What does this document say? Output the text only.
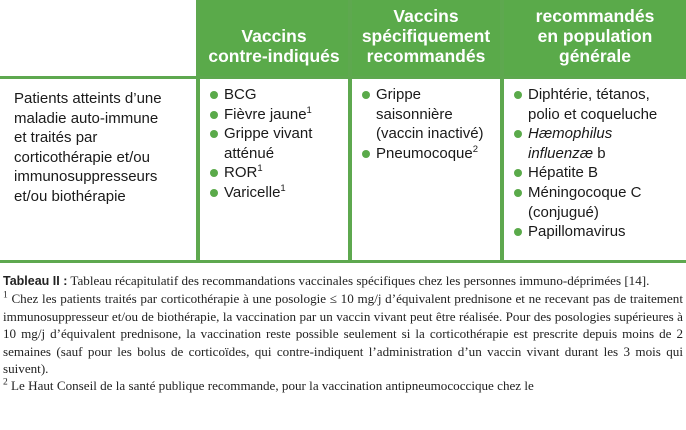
Vaccins
contre-indiqués
Vaccins
spécifiquement
recommandés
recommandés
en population
générale
Patients atteints d’une
maladie auto-immune
et traités par
corticothérapie et/ou
immunosuppresseurs
et/ou biothérapie
BCG
Fièvre jaune$^1$
Grippe vivant
atténué
ROR$^1$
Varicelle$^1$
Grippe
saisonnière
(vaccin inactivé)
Pneumocoque$^2$
Diphtérie, tétanos,
polio et coqueluche
Hæmophilus
influenzæ b
Hépatite B
Méningocoque C
(conjugué)
Papillomavirus

Tableau II : Tableau récapitulatif des recommandations vaccinales spécifiques chez les personnes immuno-déprimées [14].

$^1$ Chez les patients traités par corticothérapie à une posologie ≤ 10 mg/j d’équivalent prednisone et ne recevant pas de traitement immunosuppresseur et/ou de biothérapie, la vaccination par un vaccin vivant peut être réalisée. Pour des posologies supérieures à 10 mg/j d’équivalent prednisone, la vaccination reste possible seulement si la corticothérapie est prescrite depuis moins de 2 semaines (sauf pour les bolus de corticoïdes, qui contre-indiquent l’administration d’un vaccin vivant durant les 3 mois qui suivent).

$^2$ Le Haut Conseil de la santé publique recommande, pour la vaccination antipneumococcique chez le
